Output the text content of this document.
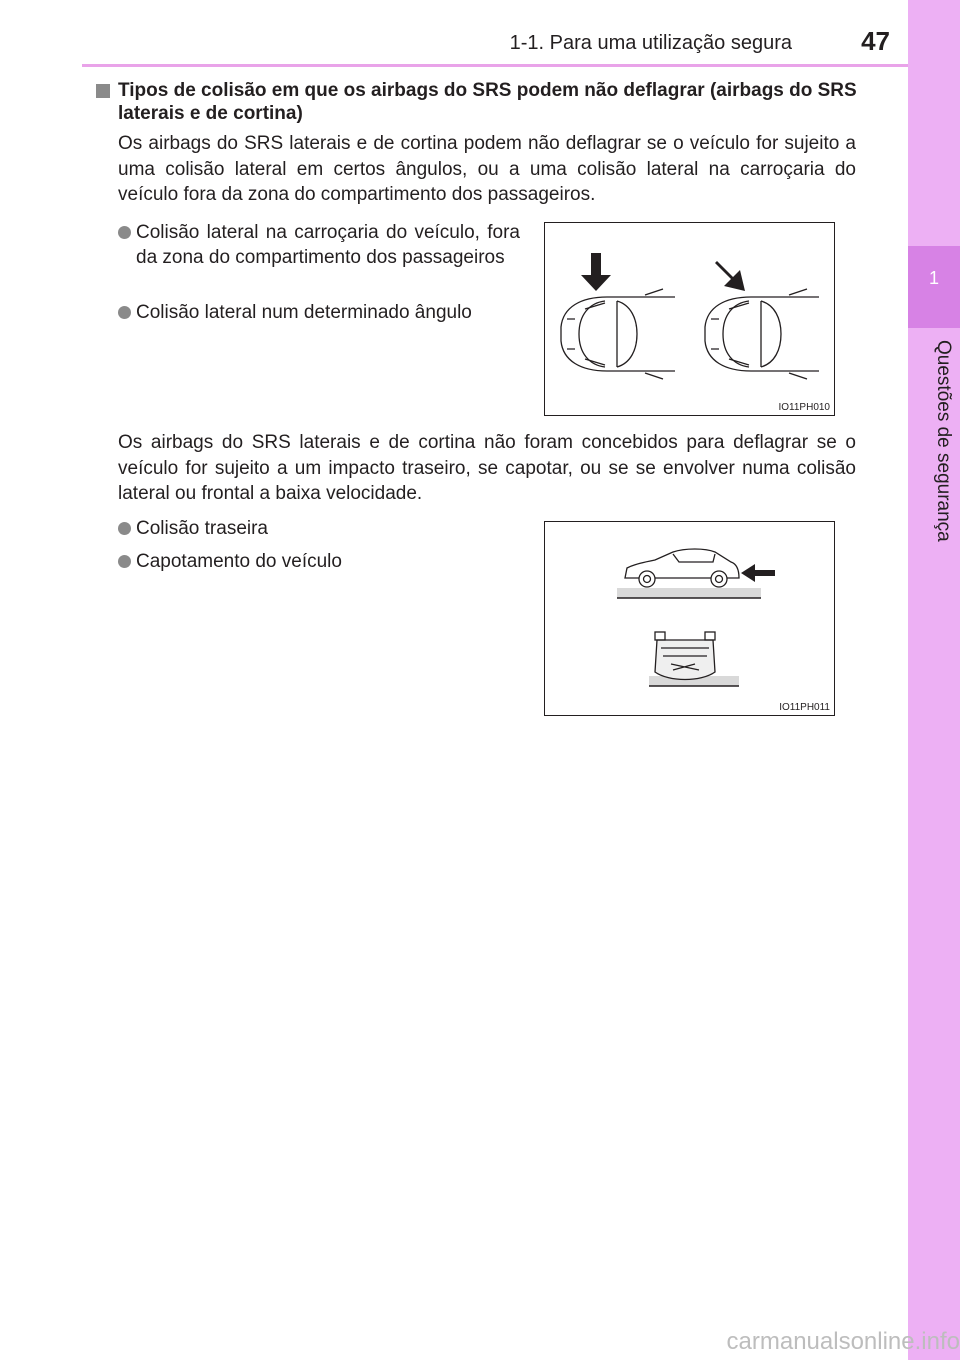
1-1. Para uma utilização segura	47
1
Questões de segurança
Tipos de colisão em que os airbags do SRS podem não deflagrar (airbags do SRS laterais e de cortina)
Os airbags do SRS laterais e de cortina podem não deflagrar se o veículo for sujeito a uma colisão lateral em certos ângulos, ou a uma colisão lateral na carroçaria do veículo fora da zona do compartimento dos passageiros.
Colisão lateral na carroçaria do veículo, fora da zona do compartimento dos passageiros
Colisão lateral num determinado ângulo
IO11PH010
Os airbags do SRS laterais e de cortina não foram concebidos para deflagrar se o veículo for sujeito a um impacto traseiro, se capotar, ou se se envolver numa colisão lateral ou frontal a baixa velocidade.
Colisão traseira
Capotamento do veículo
IO11PH011
carmanualsonline.info
